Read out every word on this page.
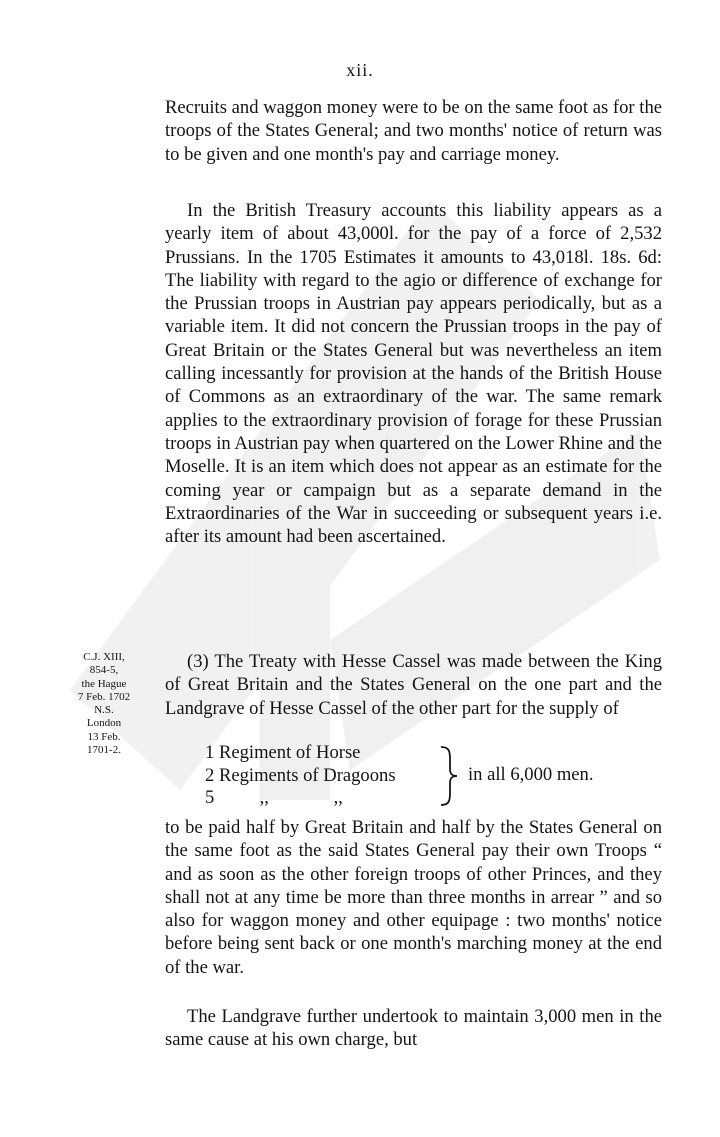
xii.

Recruits and waggon money were to be on the same foot as for the troops of the States General; and two months' notice of return was to be given and one month's pay and carriage money.

In the British Treasury accounts this liability appears as a yearly item of about 43,000l. for the pay of a force of 2,532 Prussians. In the 1705 Estimates it amounts to 43,018l. 18s. 6d: The liability with regard to the agio or difference of exchange for the Prussian troops in Austrian pay appears periodically, but as a variable item. It did not concern the Prussian troops in the pay of Great Britain or the States General but was nevertheless an item calling incessantly for provision at the hands of the British House of Commons as an extraordinary of the war. The same remark applies to the extraordinary provision of forage for these Prussian troops in Austrian pay when quartered on the Lower Rhine and the Moselle. It is an item which does not appear as an estimate for the coming year or campaign but as a separate demand in the Extraordinaries of the War in succeeding or subsequent years i.e. after its amount had been ascertained.

C.J. XIII,
854-5,
the Hague
7 Feb. 1702
N.S.
London
13 Feb.
1701-2.

(3) The Treaty with Hesse Cassel was made between the King of Great Britain and the States General on the one part and the Landgrave of Hesse Cassel of the other part for the supply of

1 Regiment of Horse
2 Regiments of Dragoons
5 ,,	,,
in all 6,000 men.

to be paid half by Great Britain and half by the States General on the same foot as the said States General pay their own Troops “ and as soon as the other foreign troops of other Princes, and they shall not at any time be more than three months in arrear ” and so also for waggon money and other equipage : two months' notice before being sent back or one month's marching money at the end of the war.

The Landgrave further undertook to maintain 3,000 men in the same cause at his own charge, but
